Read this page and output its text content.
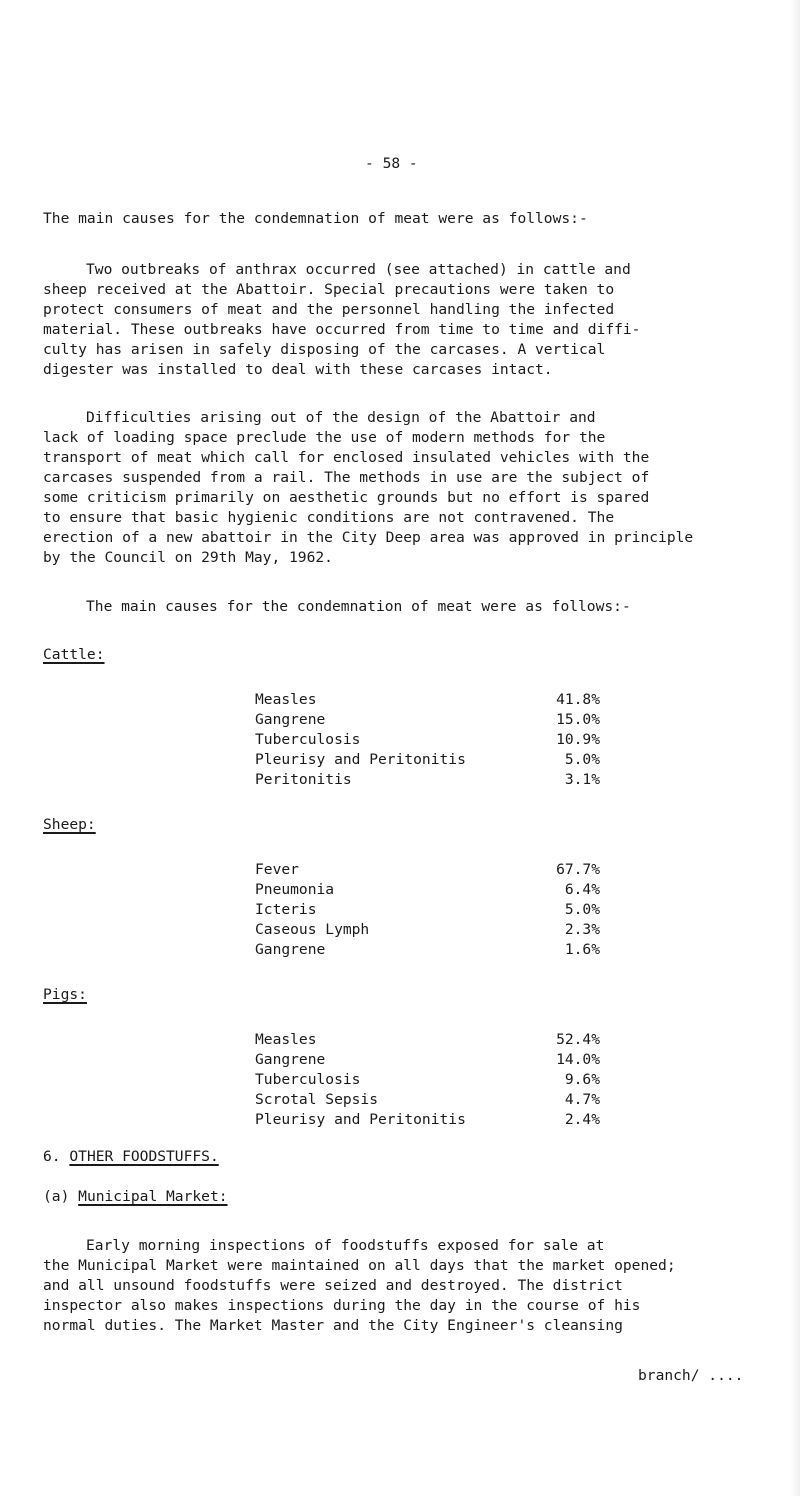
- 58 -
The main causes for the condemnation of meat were as follows:-
Two outbreaks of anthrax occurred (see attached) in cattle and
sheep received at the Abattoir. Special precautions were taken to
protect consumers of meat and the personnel handling the infected
material. These outbreaks have occurred from time to time and diffi-
culty has arisen in safely disposing of the carcases. A vertical
digester was installed to deal with these carcases intact.
Difficulties arising out of the design of the Abattoir and
lack of loading space preclude the use of modern methods for the
transport of meat which call for enclosed insulated vehicles with the
carcases suspended from a rail. The methods in use are the subject of
some criticism primarily on aesthetic grounds but no effort is spared
to ensure that basic hygienic conditions are not contravened. The
erection of a new abattoir in the City Deep area was approved in principle
by the Council on 29th May, 1962.
The main causes for the condemnation of meat were as follows:-
Cattle:
Measles	41.8%
Gangrene	15.0%
Tuberculosis	10.9%
Pleurisy and Peritonitis	5.0%
Peritonitis	3.1%
Sheep:
Fever	67.7%
Pneumonia	6.4%
Icteris	5.0%
Caseous Lymph	2.3%
Gangrene	1.6%
Pigs:
Measles	52.4%
Gangrene	14.0%
Tuberculosis	9.6%
Scrotal Sepsis	4.7%
Pleurisy and Peritonitis	2.4%
6. OTHER FOODSTUFFS.
(a) Municipal Market:
Early morning inspections of foodstuffs exposed for sale at
the Municipal Market were maintained on all days that the market opened;
and all unsound foodstuffs were seized and destroyed. The district
inspector also makes inspections during the day in the course of his
normal duties. The Market Master and the City Engineer's cleansing
branch/ ....
